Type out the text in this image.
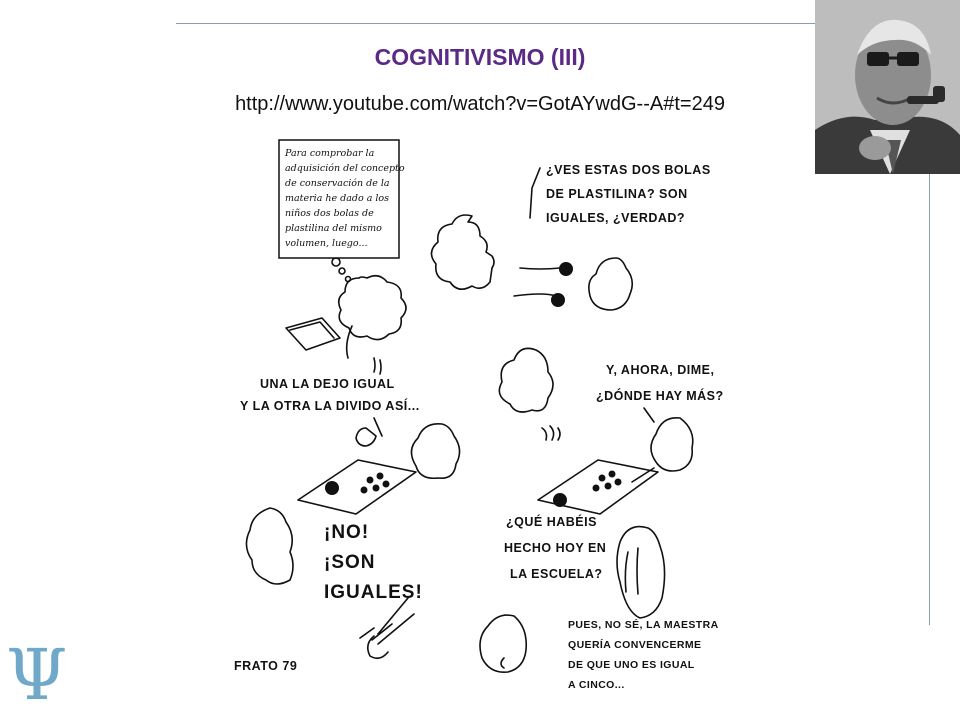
COGNITIVISMO (III)
http://www.youtube.com/watch?v=GotAYwdG--A#t=249
Para comprobar la
adquisición del concepto
de conservación de la
materia he dado a los
niños dos bolas de
plastilina del mismo
volumen, luego...
¿VES ESTAS DOS BOLAS
DE PLASTILINA? SON
IGUALES, ¿VERDAD?
UNA LA DEJO IGUAL
Y LA OTRA LA DIVIDO ASÍ...
Y, AHORA, DIME,
¿DÓNDE HAY MÁS?
¡NO!
¡SON
IGUALES!
¿QUÉ HABÉIS
HECHO HOY EN
LA ESCUELA?
PUES, NO SÉ, LA MAESTRA
QUERÍA CONVENCERME
DE QUE UNO ES IGUAL
A CINCO...
FRATO 79
Ψ
